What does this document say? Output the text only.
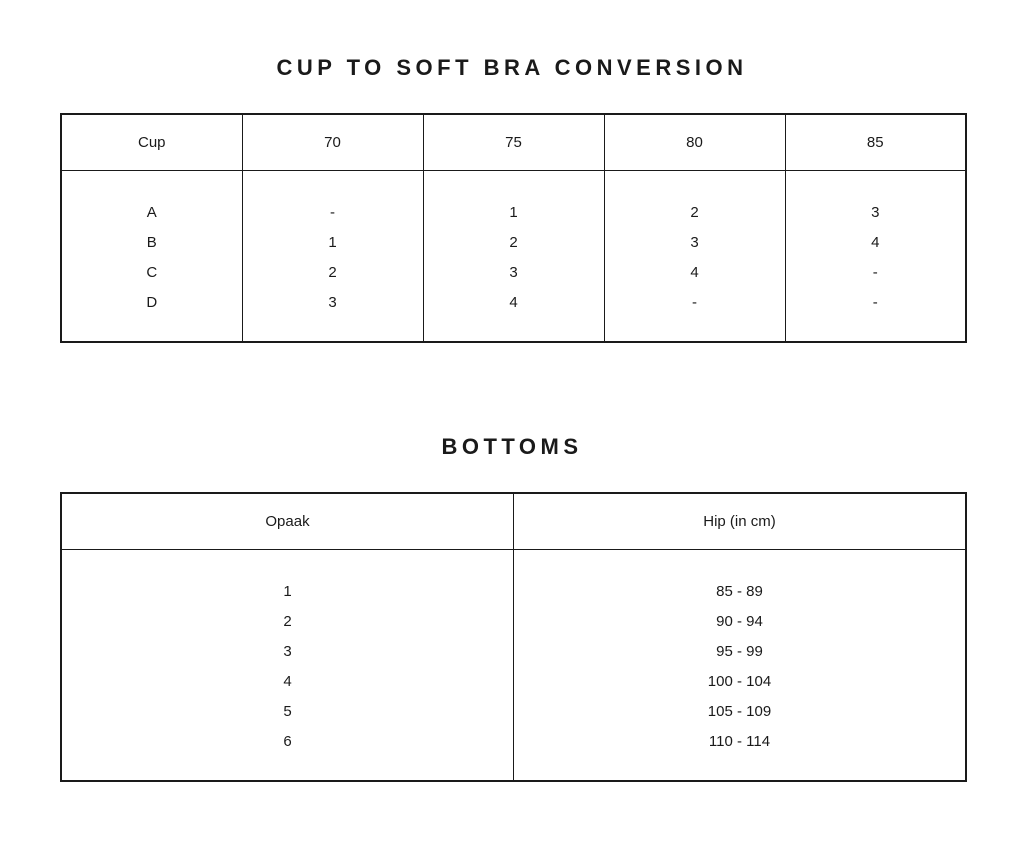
CUP TO SOFT BRA CONVERSION
Cup	70	75	80	85
A	-	1	2	3
B	1	2	3	4
C	2	3	4	-
D	3	4	-	-
BOTTOMS
Opaak	Hip (in cm)
1	85 - 89
2	90 - 94
3	95 - 99
4	100 - 104
5	105 - 109
6	110 - 114
